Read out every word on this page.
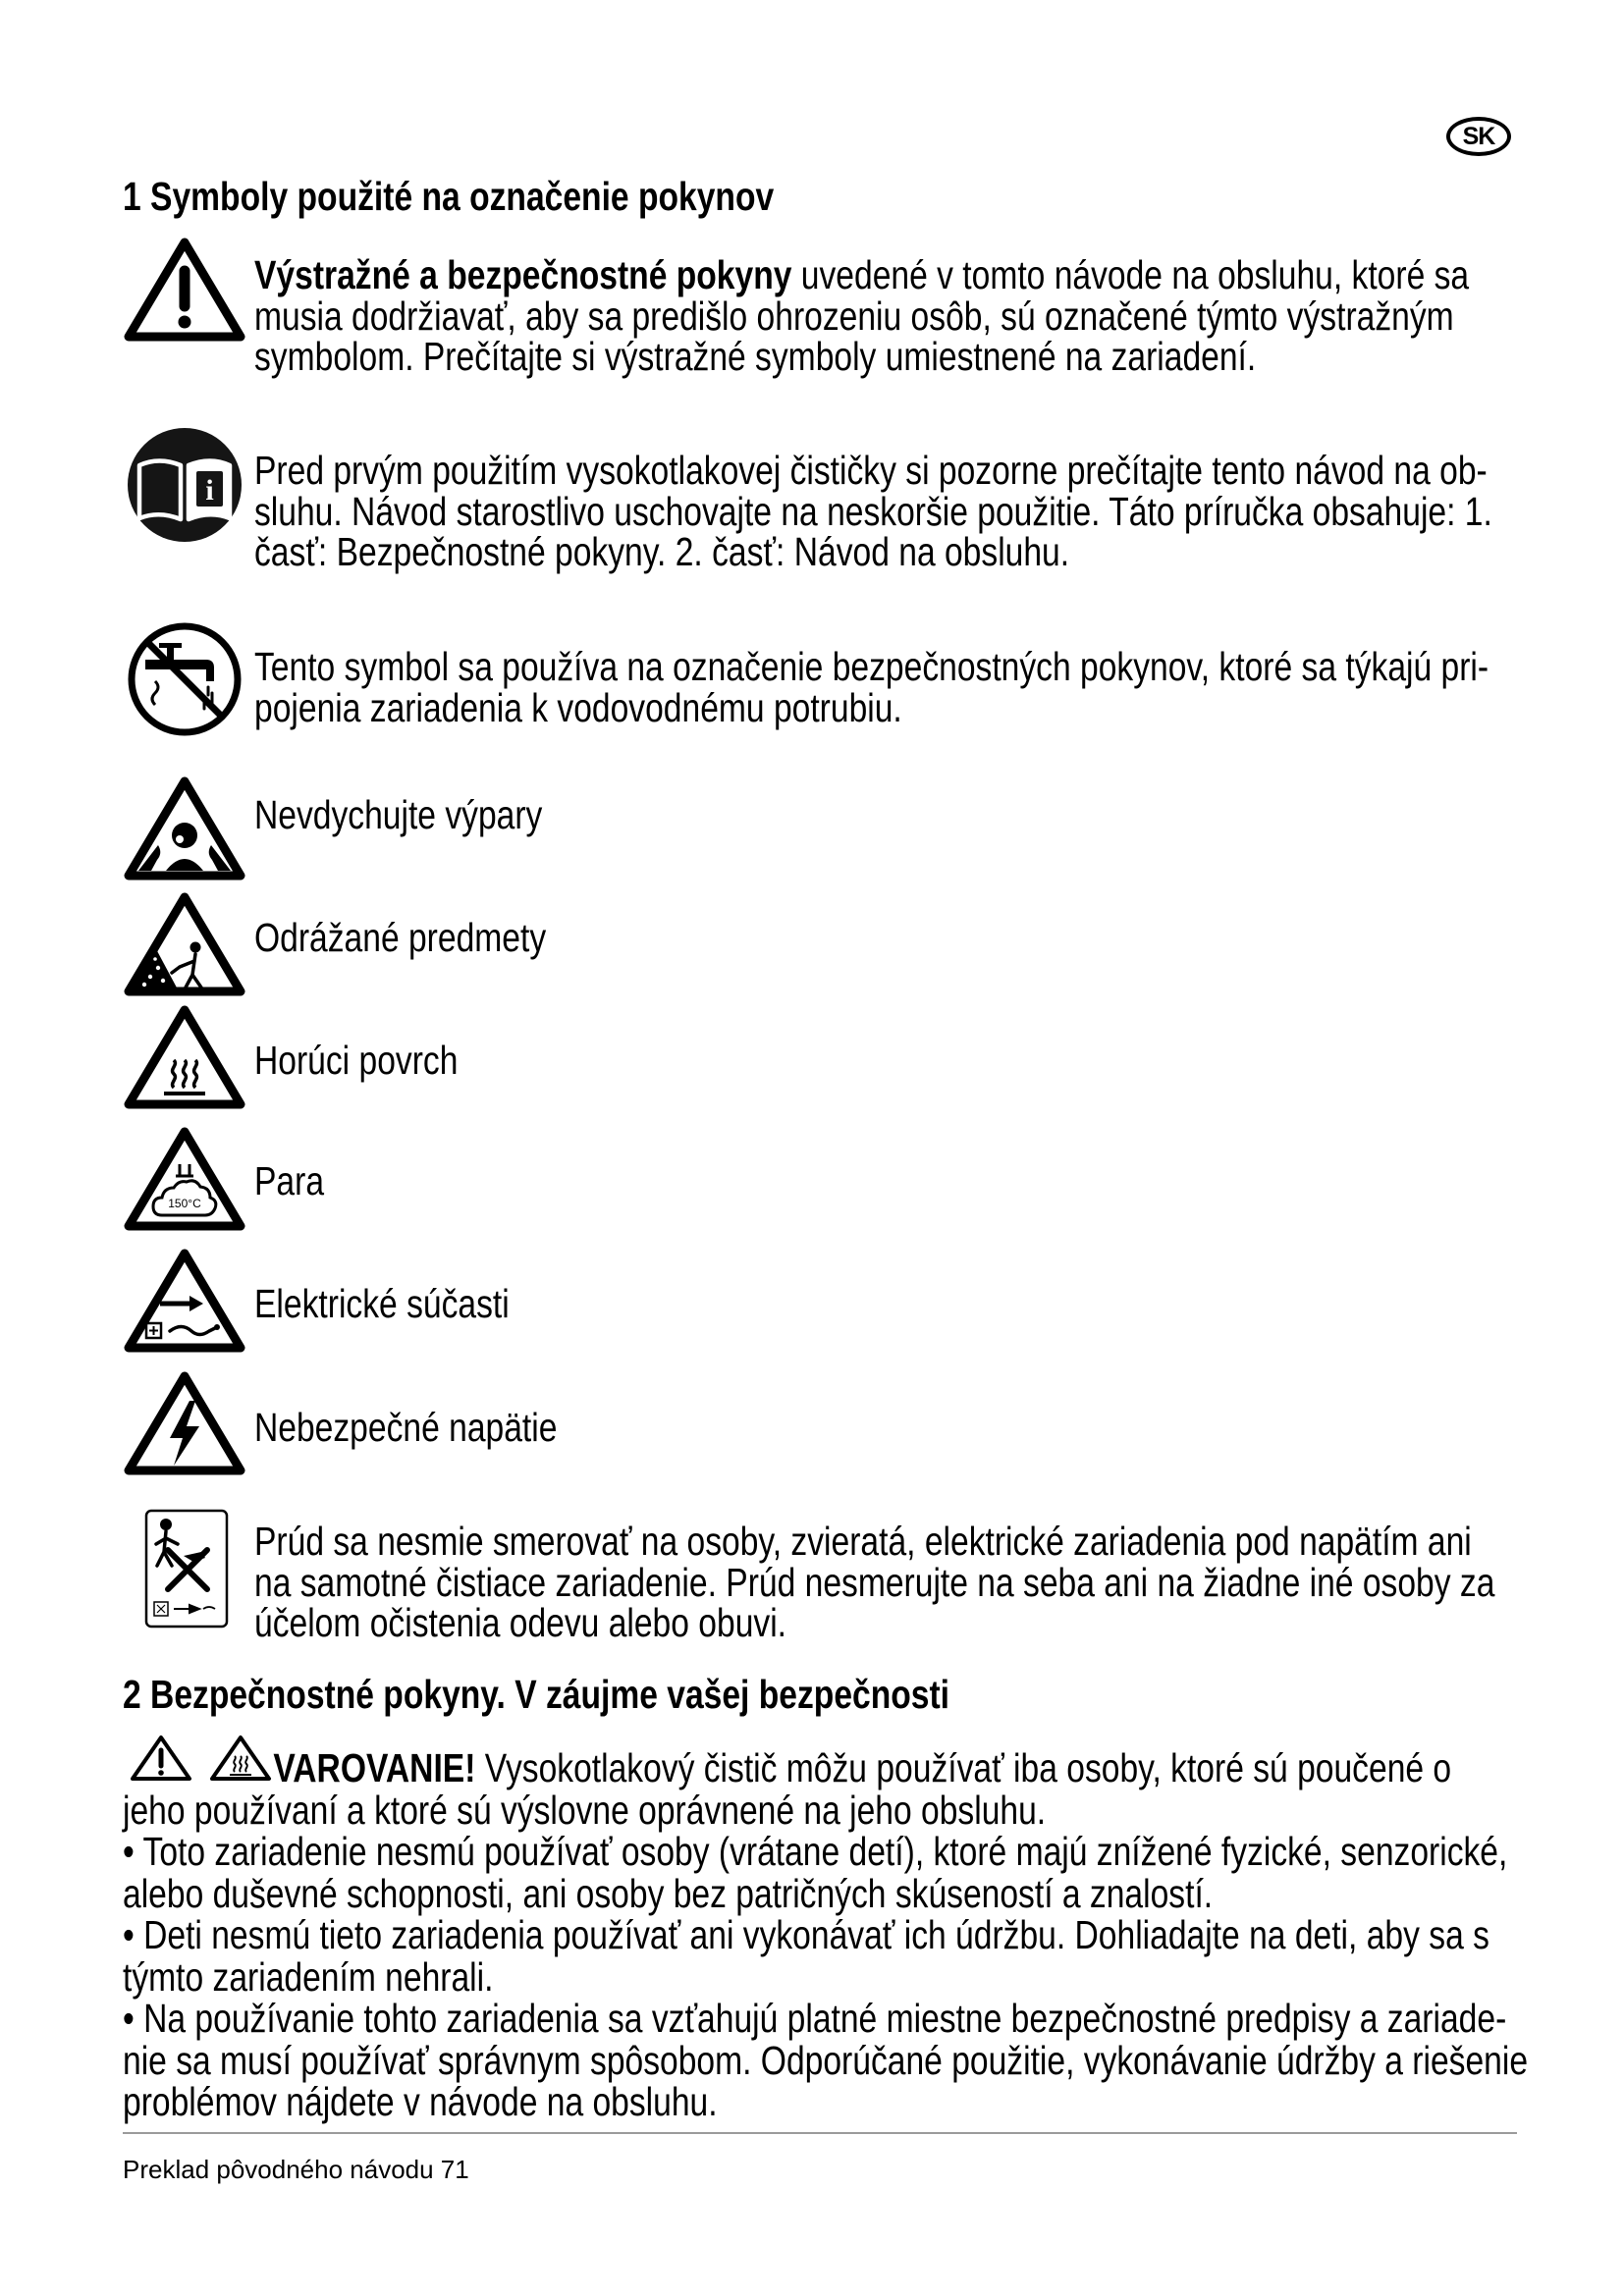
SK
1 Symboly použité na označenie pokynov
Výstražné a bezpečnostné pokyny uvedené v tomto návode na obsluhu, ktoré sa
musia dodržiavať, aby sa predišlo ohrozeniu osôb, sú označené týmto výstražným
symbolom. Prečítajte si výstražné symboly umiestnené na zariadení.
i Pred prvým použitím vysokotlakovej čističky si pozorne prečítajte tento návod na ob-
sluhu. Návod starostlivo uschovajte na neskoršie použitie. Táto príručka obsahuje: 1.
časť: Bezpečnostné pokyny. 2. časť: Návod na obsluhu.
Tento symbol sa používa na označenie bezpečnostných pokynov, ktoré sa týkajú pri-
pojenia zariadenia k vodovodnému potrubiu.
Nevdychujte výpary
Odrážané predmety
Horúci povrch
150°C Para
Elektrické súčasti
Nebezpečné napätie
Prúd sa nesmie smerovať na osoby, zvieratá, elektrické zariadenia pod napätím ani
na samotné čistiace zariadenie. Prúd nesmerujte na seba ani na žiadne iné osoby za
účelom očistenia odevu alebo obuvi.
2 Bezpečnostné pokyny. V záujme vašej bezpečnosti
VAROVANIE! Vysokotlakový čistič môžu používať iba osoby, ktoré sú poučené o
jeho používaní a ktoré sú výslovne oprávnené na jeho obsluhu.
• Toto zariadenie nesmú používať osoby (vrátane detí), ktoré majú znížené fyzické, senzorické,
alebo duševné schopnosti, ani osoby bez patričných skúseností a znalostí.
• Deti nesmú tieto zariadenia používať ani vykonávať ich údržbu. Dohliadajte na deti, aby sa s
týmto zariadením nehrali.
• Na používanie tohto zariadenia sa vzťahujú platné miestne bezpečnostné predpisy a zariade-
nie sa musí používať správnym spôsobom. Odporúčané použitie, vykonávanie údržby a riešenie
problémov nájdete v návode na obsluhu.
Preklad pôvodného návodu 71
